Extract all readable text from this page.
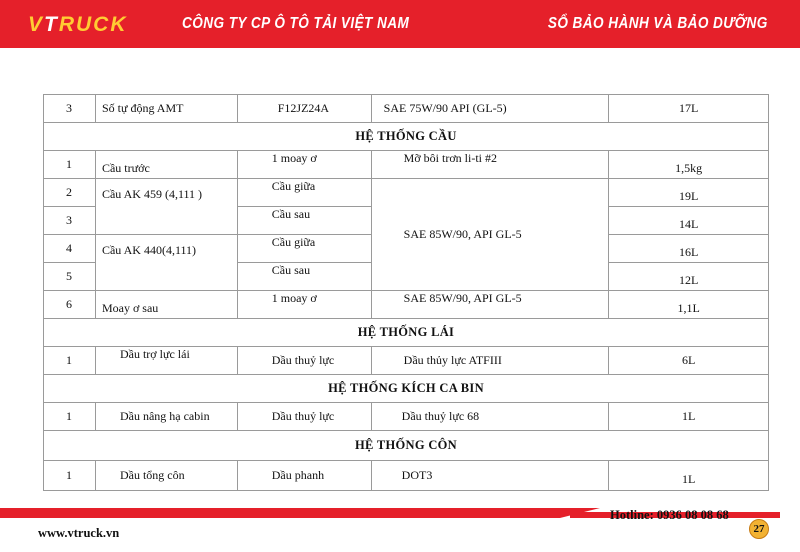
VTRUCK	CÔNG TY CP Ô TÔ TẢI VIỆT NAM	SỔ BẢO HÀNH VÀ BẢO DƯỠNG
3	Số tự động AMT	F12JZ24A	SAE 75W/90 API (GL-5)	17L
HỆ THỐNG CẦU				
1	Cầu trước	1 moay ơ	Mỡ bôi trơn li-ti #2	1,5kg
2	Cầu AK 459 (4,111 )	Cầu giữa	SAE 85W/90, API GL-5	19L
3		Cầu sau		14L
4	Cầu AK 440(4,111)	Cầu giữa		16L
5		Cầu sau		12L
6	Moay ơ sau	1 moay ơ	SAE 85W/90, API GL-5	1,1L
HỆ THỐNG LÁI				
1	Dầu trợ lực lái	Dầu thuỷ lực	Dầu thủy lực ATFIII	6L
HỆ THỐNG KÍCH CA BIN				
1	Dầu nâng hạ cabin	Dầu thuỷ lực	Dầu thuỷ lực 68	1L
HỆ THỐNG CÔN				
1	Dầu tổng côn	Dầu phanh	DOT3	1L
Hotline: 0936 08 08 68
www.vtruck.vn	27
